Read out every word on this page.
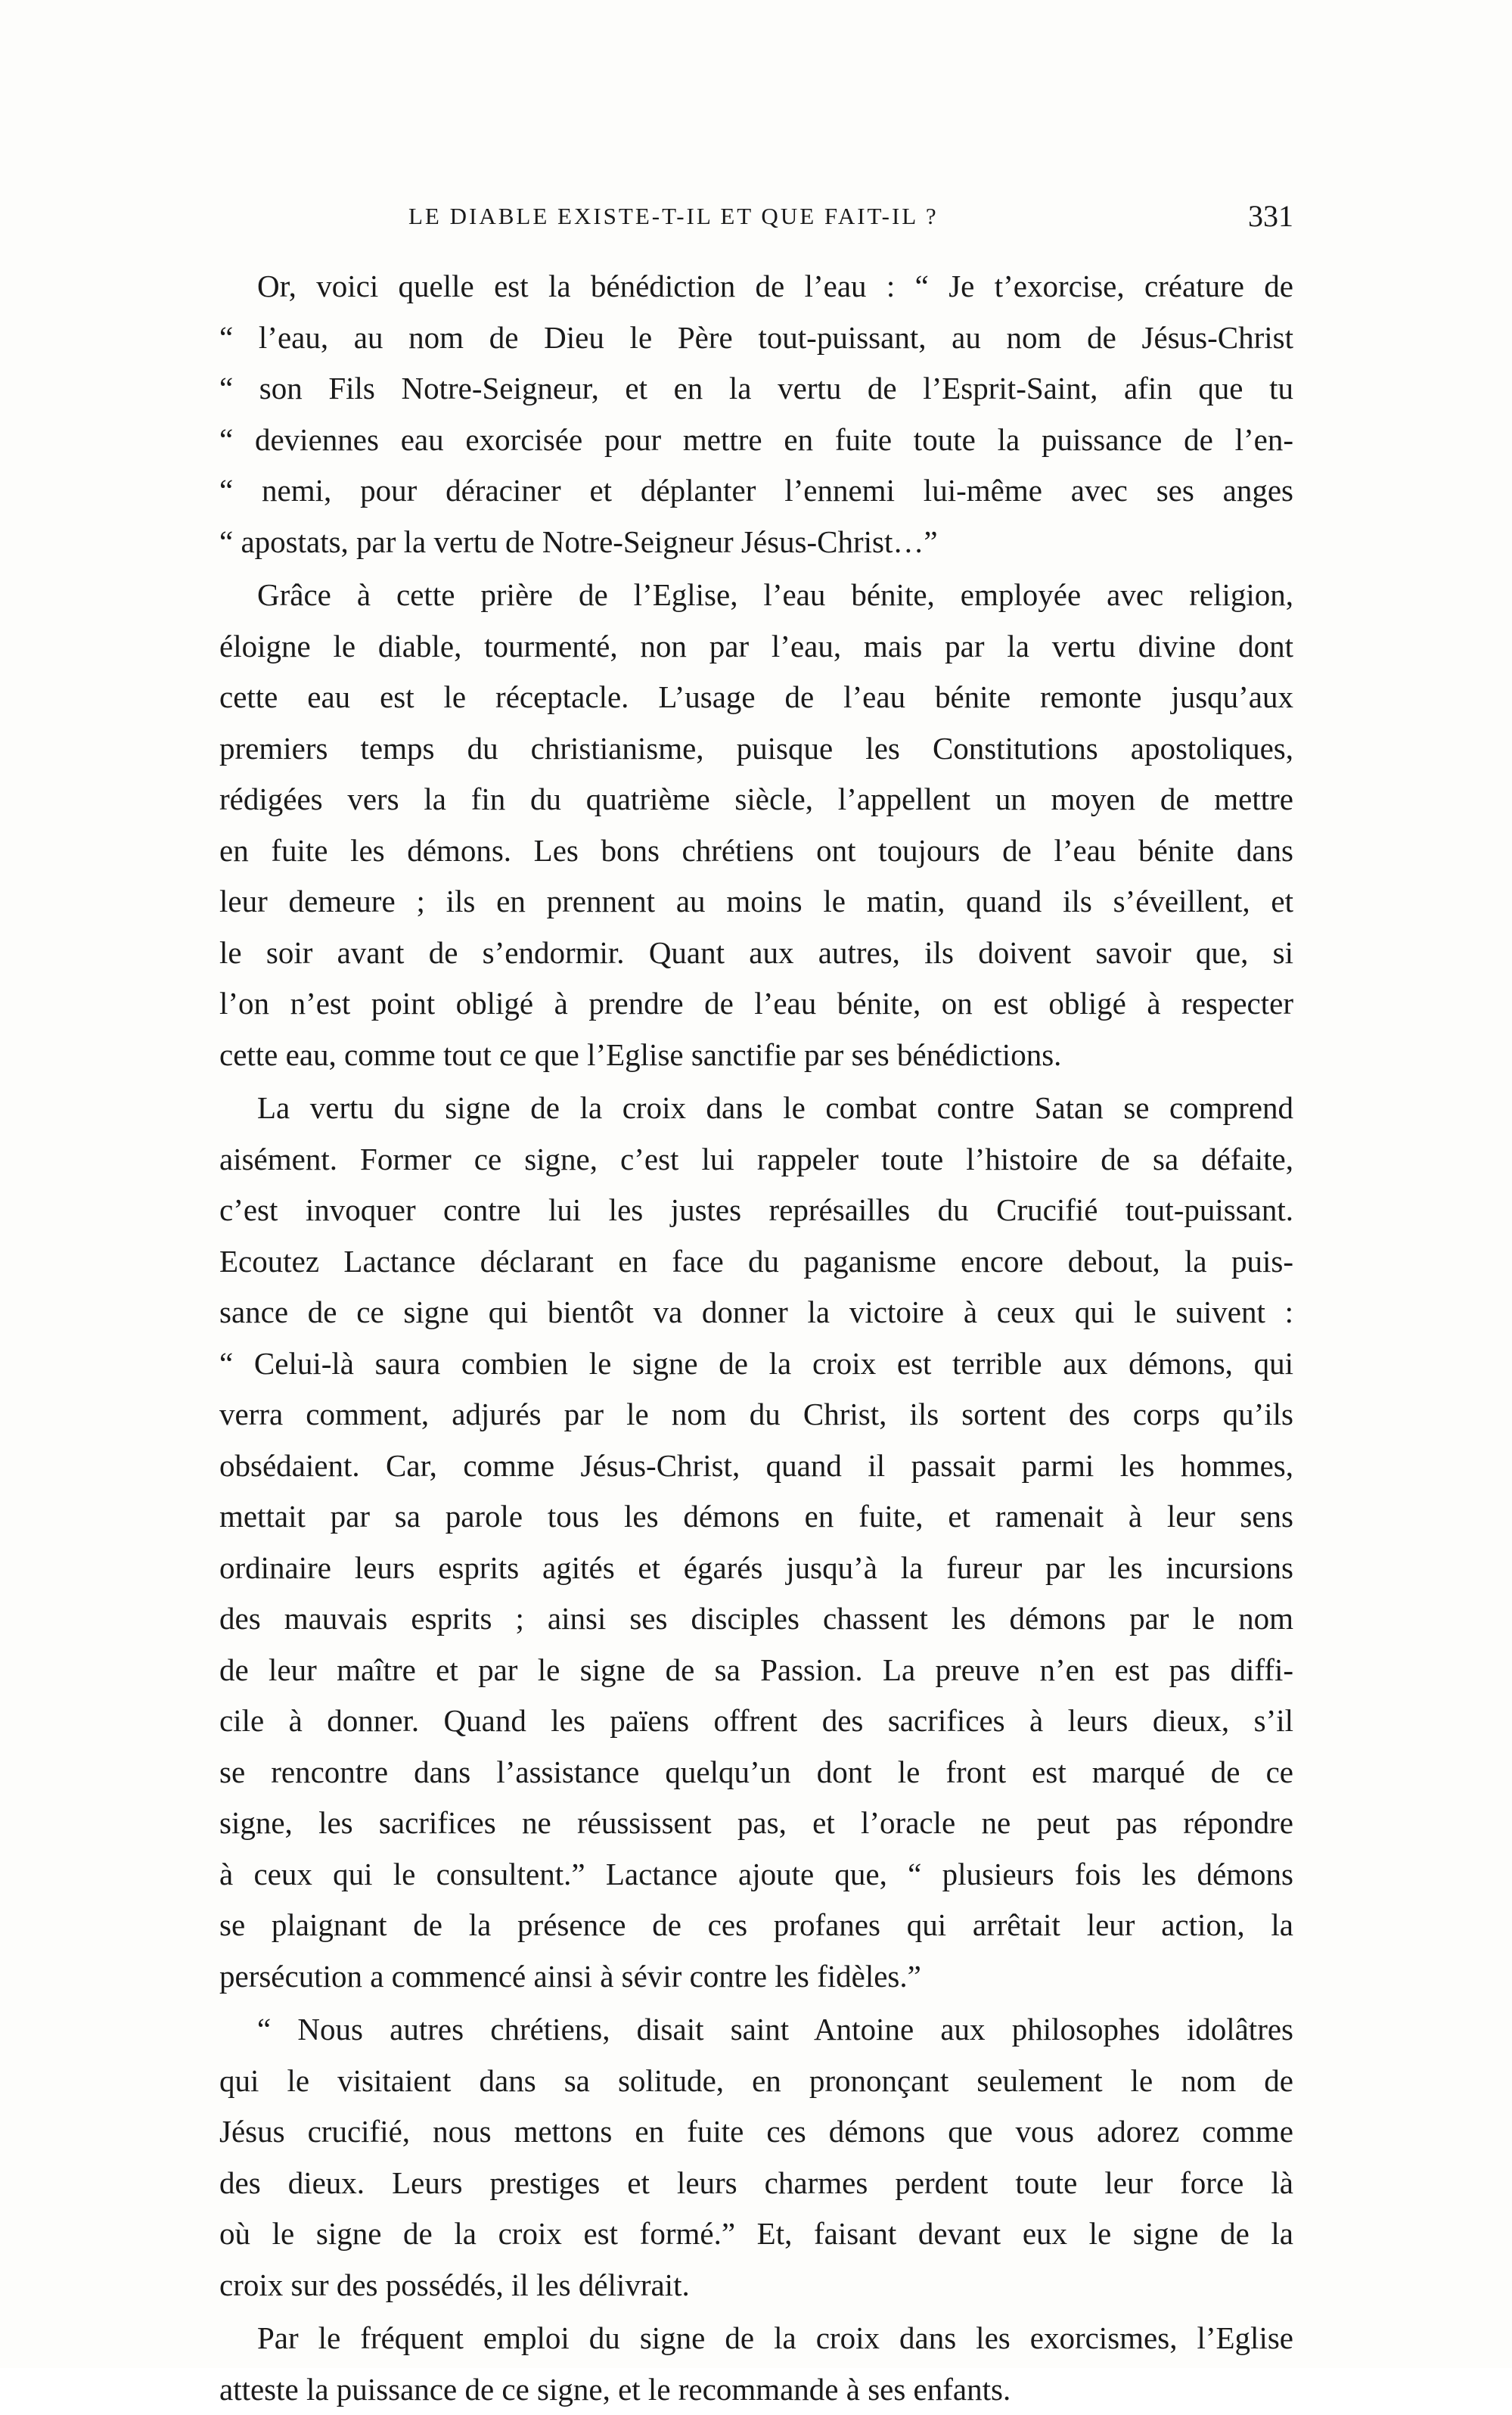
LE DIABLE EXISTE-T-IL ET QUE FAIT-IL ?	331

Or, voici quelle est la bénédiction de l’eau : “ Je t’exorcise, créature de
“ l’eau, au nom de Dieu le Père tout-puissant, au nom de Jésus-Christ
“ son Fils Notre-Seigneur, et en la vertu de l’Esprit-Saint, afin que tu
“ deviennes eau exorcisée pour mettre en fuite toute la puissance de l’en-
“ nemi, pour déraciner et déplanter l’ennemi lui-même avec ses anges
“ apostats, par la vertu de Notre-Seigneur Jésus-Christ…”

Grâce à cette prière de l’Eglise, l’eau bénite, employée avec religion,
éloigne le diable, tourmenté, non par l’eau, mais par la vertu divine dont
cette eau est le réceptacle. L’usage de l’eau bénite remonte jusqu’aux
premiers temps du christianisme, puisque les Constitutions apostoliques,
rédigées vers la fin du quatrième siècle, l’appellent un moyen de mettre
en fuite les démons. Les bons chrétiens ont toujours de l’eau bénite dans
leur demeure ; ils en prennent au moins le matin, quand ils s’éveillent, et
le soir avant de s’endormir. Quant aux autres, ils doivent savoir que, si
l’on n’est point obligé à prendre de l’eau bénite, on est obligé à respecter
cette eau, comme tout ce que l’Eglise sanctifie par ses bénédictions.

La vertu du signe de la croix dans le combat contre Satan se comprend
aisément. Former ce signe, c’est lui rappeler toute l’histoire de sa défaite,
c’est invoquer contre lui les justes représailles du Crucifié tout-puissant.
Ecoutez Lactance déclarant en face du paganisme encore debout, la puis-
sance de ce signe qui bientôt va donner la victoire à ceux qui le suivent :
“ Celui-là saura combien le signe de la croix est terrible aux démons, qui
verra comment, adjurés par le nom du Christ, ils sortent des corps qu’ils
obsédaient. Car, comme Jésus-Christ, quand il passait parmi les hommes,
mettait par sa parole tous les démons en fuite, et ramenait à leur sens
ordinaire leurs esprits agités et égarés jusqu’à la fureur par les incursions
des mauvais esprits ; ainsi ses disciples chassent les démons par le nom
de leur maître et par le signe de sa Passion. La preuve n’en est pas diffi-
cile à donner. Quand les païens offrent des sacrifices à leurs dieux, s’il
se rencontre dans l’assistance quelqu’un dont le front est marqué de ce
signe, les sacrifices ne réussissent pas, et l’oracle ne peut pas répondre
à ceux qui le consultent.” Lactance ajoute que, “ plusieurs fois les démons
se plaignant de la présence de ces profanes qui arrêtait leur action, la
persécution a commencé ainsi à sévir contre les fidèles.”

“ Nous autres chrétiens, disait saint Antoine aux philosophes idolâtres
qui le visitaient dans sa solitude, en prononçant seulement le nom de
Jésus crucifié, nous mettons en fuite ces démons que vous adorez comme
des dieux. Leurs prestiges et leurs charmes perdent toute leur force là
où le signe de la croix est formé.” Et, faisant devant eux le signe de la
croix sur des possédés, il les délivrait.

Par le fréquent emploi du signe de la croix dans les exorcismes, l’Eglise
atteste la puissance de ce signe, et le recommande à ses enfants.
